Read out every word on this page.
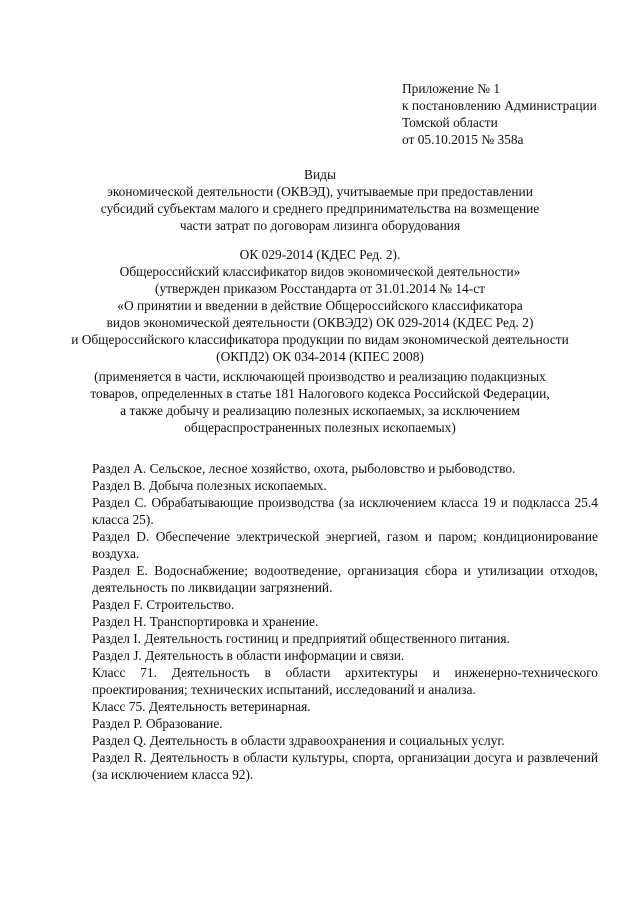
Приложение № 1
к постановлению Администрации
Томской области
от 05.10.2015 № 358а
Виды
экономической деятельности (ОКВЭД), учитываемые при предоставлении
субсидий субъектам малого и среднего предпринимательства на возмещение
части затрат по договорам лизинга оборудования
ОК 029-2014 (КДЕС Ред. 2).
Общероссийский классификатор видов экономической деятельности»
(утвержден приказом Росстандарта от 31.01.2014 № 14-ст
«О принятии и введении в действие Общероссийского классификатора
видов экономической деятельности (ОКВЭД2) ОК 029-2014 (КДЕС Ред. 2)
и Общероссийского классификатора продукции по видам экономической деятельности
(ОКПД2) ОК 034-2014 (КПЕС 2008)
(применяется в части, исключающей производство и реализацию подакцизных
товаров, определенных в статье 181 Налогового кодекса Российской Федерации,
а также добычу и реализацию полезных ископаемых, за исключением
общераспространенных полезных ископаемых)
Раздел A. Сельское, лесное хозяйство, охота, рыболовство и рыбоводство.
Раздел B. Добыча полезных ископаемых.
Раздел C. Обрабатывающие производства (за исключением класса 19 и подкласса 25.4
класса 25).
Раздел D. Обеспечение электрической энергией, газом и паром; кондиционирование
воздуха.
Раздел E. Водоснабжение; водоотведение, организация сбора и утилизации отходов,
деятельность по ликвидации загрязнений.
Раздел F. Строительство.
Раздел H. Транспортировка и хранение.
Раздел I. Деятельность гостиниц и предприятий общественного питания.
Раздел J. Деятельность в области информации и связи.
Класс 71. Деятельность в области архитектуры и инженерно-технического
проектирования; технических испытаний, исследований и анализа.
Класс 75. Деятельность ветеринарная.
Раздел P. Образование.
Раздел Q. Деятельность в области здравоохранения и социальных услуг.
Раздел R. Деятельность в области культуры, спорта, организации досуга и развлечений
(за исключением класса 92).
